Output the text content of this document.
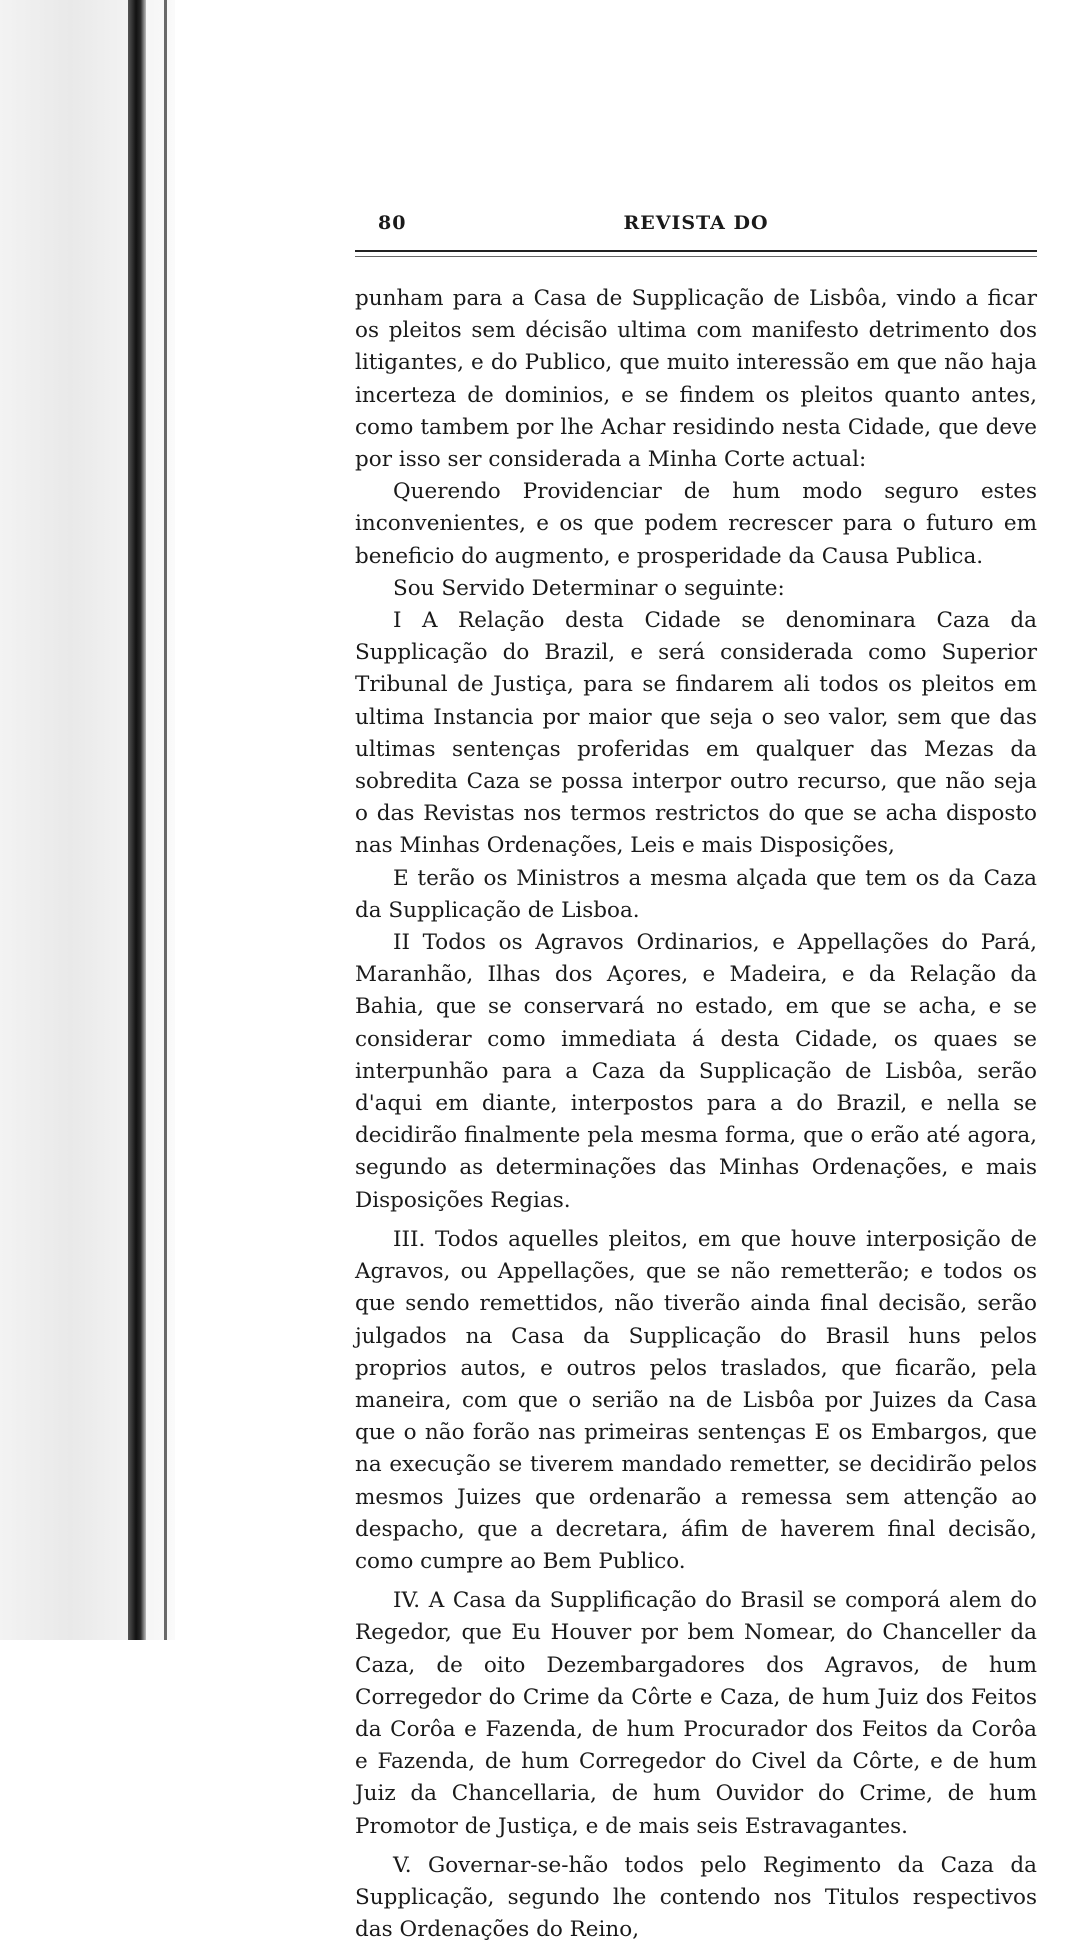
80	REVISTA DO

punham para a Casa de Supplicação de Lisbôa, vindo a ficar os pleitos sem décisão ultima com manifesto detrimento dos litigantes, e do Publico, que muito interessão em que não haja incerteza de dominios, e se findem os pleitos quanto antes, como tambem por lhe Achar residindo nesta Cidade, que deve por isso ser considerada a Minha Corte actual:

Querendo Providenciar de hum modo seguro estes inconvenientes, e os que podem recrescer para o futuro em beneficio do augmento, e prosperidade da Causa Publica.

Sou Servido Determinar o seguinte:

I A Relação desta Cidade se denominara Caza da Supplicação do Brazil, e será considerada como Superior Tribunal de Justiça, para se findarem ali todos os pleitos em ultima Instancia por maior que seja o seo valor, sem que das ultimas sentenças proferidas em qualquer das Mezas da sobredita Caza se possa interpor outro recurso, que não seja o das Revistas nos termos restrictos do que se acha disposto nas Minhas Ordenações, Leis e mais Disposições,

E terão os Ministros a mesma alçada que tem os da Caza da Supplicação de Lisboa.

II Todos os Agravos Ordinarios, e Appellações do Pará, Maranhão, Ilhas dos Açores, e Madeira, e da Relação da Bahia, que se conservará no estado, em que se acha, e se considerar como immediata á desta Cidade, os quaes se interpunhão para a Caza da Supplicação de Lisbôa, serão d'aqui em diante, interpostos para a do Brazil, e nella se decidirão finalmente pela mesma forma, que o erão até agora, segundo as determinações das Minhas Ordenações, e mais Disposições Regias.

III. Todos aquelles pleitos, em que houve interposição de Agravos, ou Appellações, que se não remetterão; e todos os que sendo remettidos, não tiverão ainda final decisão, serão julgados na Casa da Supplicação do Brasil huns pelos proprios autos, e outros pelos traslados, que ficarão, pela maneira, com que o serião na de Lisbôa por Juizes da Casa que o não forão nas primeiras sentenças E os Embargos, que na execução se tiverem mandado remetter, se decidirão pelos mesmos Juizes que ordenarão a remessa sem attenção ao despacho, que a decretara, áfim de haverem final decisão, como cumpre ao Bem Publico.

IV. A Casa da Supplificação do Brasil se comporá alem do Regedor, que Eu Houver por bem Nomear, do Chanceller da Caza, de oito Dezembargadores dos Agravos, de hum Corregedor do Crime da Côrte e Caza, de hum Juiz dos Feitos da Corôa e Fazenda, de hum Procurador dos Feitos da Corôa e Fazenda, de hum Corregedor do Civel da Côrte, e de hum Juiz da Chancellaria, de hum Ouvidor do Crime, de hum Promotor de Justiça, e de mais seis Estravagantes.

V. Governar-se-hão todos pelo Regimento da Caza da Supplicação, segundo lhe contendo nos Titulos respectivos das Ordenações do Reino,
